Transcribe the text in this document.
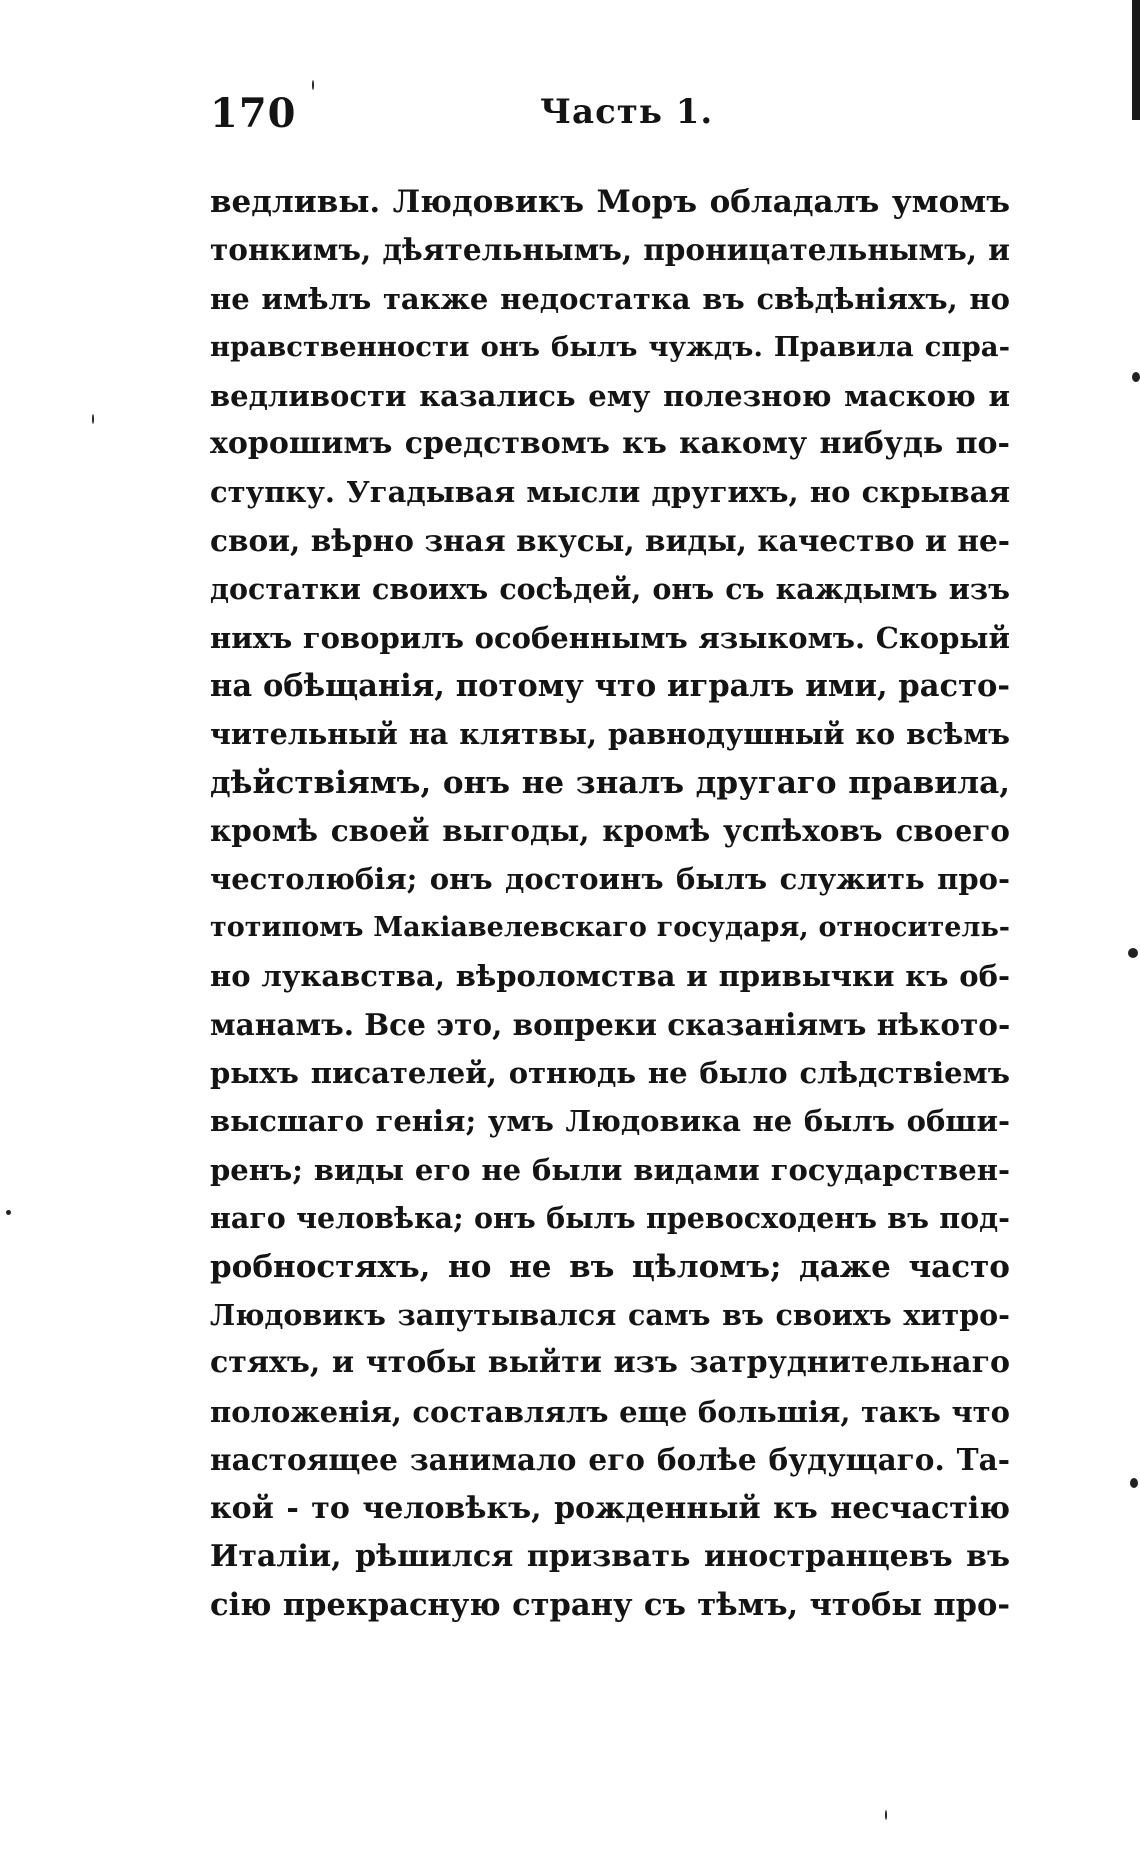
170	Часть 1.
ведливы. Людовикъ Моръ обладалъ умомъ
тонкимъ, дѣятельнымъ, проницательнымъ, и
не имѣлъ также недостатка въ свѣдѣніяхъ, но
нравственности онъ былъ чуждъ. Правила спра-
ведливости казались ему полезною маскою и
хорошимъ средствомъ къ какому нибудь по-
ступку. Угадывая мысли другихъ, но скрывая
свои, вѣрно зная вкусы, виды, качество и не-
достатки своихъ сосѣдей, онъ съ каждымъ изъ
нихъ говорилъ особеннымъ языкомъ. Скорый
на обѣщанія, потому что игралъ ими, расто-
чительный на клятвы, равнодушный ко всѣмъ
дѣйствіямъ, онъ не зналъ другаго правила,
кромѣ своей выгоды, кромѣ успѣховъ своего
честолюбія; онъ достоинъ былъ служить про-
тотипомъ Макіавелевскаго государя, относитель-
но лукавства, вѣроломства и привычки къ об-
манамъ. Все это, вопреки сказаніямъ нѣкото-
рыхъ писателей, отнюдь не было слѣдствіемъ
высшаго генія; умъ Людовика не былъ обши-
ренъ; виды его не были видами государствен-
наго человѣка; онъ былъ превосходенъ въ под-
робностяхъ, но не въ цѣломъ; даже часто
Людовикъ запутывался самъ въ своихъ хитро-
стяхъ, и чтобы выйти изъ затруднительнаго
положенія, составлялъ еще большія, такъ что
настоящее занимало его болѣе будущаго. Та-
кой - то человѣкъ, рожденный къ несчастію
Италіи, рѣшился призвать иностранцевъ въ
сію прекрасную страну съ тѣмъ, чтобы про-
